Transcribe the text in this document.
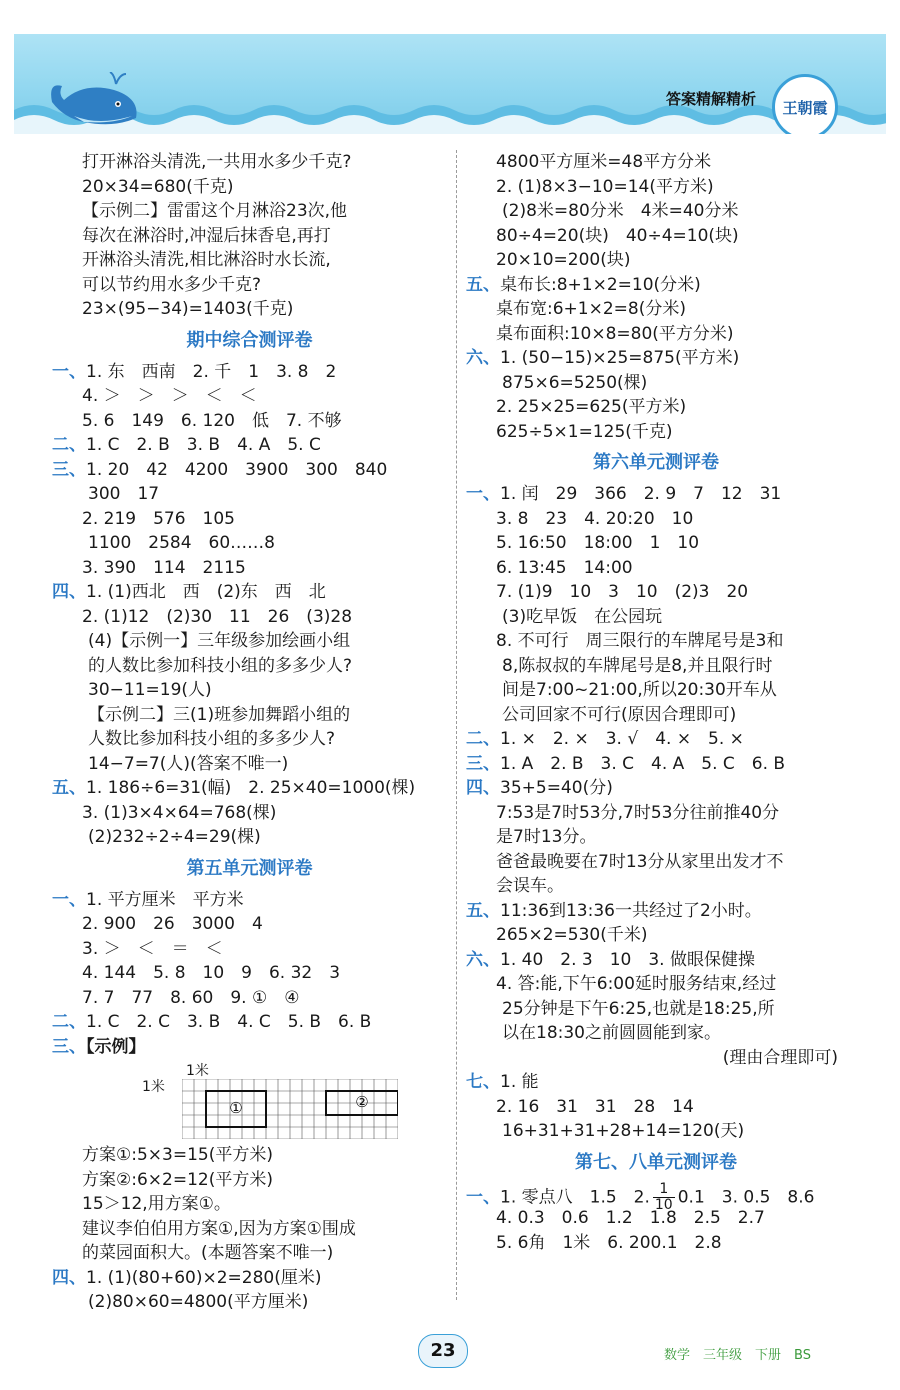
答案精解精析 王朝霞
打开淋浴头清洗,一共用水多少千克?
20×34=680(千克)
【示例二】雷雷这个月淋浴23次,他
每次在淋浴时,冲湿后抹香皂,再打
开淋浴头清洗,相比淋浴时水长流,
可以节约用水多少千克?
23×(95−34)=1403(千克)
期中综合测评卷
一、1. 东　西南　2. 千　1　3. 8　2
4. ＞　＞　＞　＜　＜
5. 6　149　6. 120　低　7. 不够
二、1. C　2. B　3. B　4. A　5. C
三、1. 20　42　4200　3900　300　840
300　17
2. 219　576　105
1100　2584　60……8
3. 390　114　2115
四、1. (1)西北　西　(2)东　西　北
2. (1)12　(2)30　11　26　(3)28
(4)【示例一】三年级参加绘画小组
的人数比参加科技小组的多多少人?
30−11=19(人)
【示例二】三(1)班参加舞蹈小组的
人数比参加科技小组的多多少人?
14−7=7(人)(答案不唯一)
五、1. 186÷6=31(幅)　2. 25×40=1000(棵)
3. (1)3×4×64=768(棵)
(2)232÷2÷4=29(棵)
第五单元测评卷
一、1. 平方厘米　平方米
2. 900　26　3000　4
3. ＞　＜　＝　＜
4. 144　5. 8　10　9　6. 32　3
7. 7　77　8. 60　9. ①　④
二、1. C　2. C　3. B　4. C　5. B　6. B
三、【示例】
1米
1米
①	②
方案①:5×3=15(平方米)
方案②:6×2=12(平方米)
15＞12,用方案①。
建议李伯伯用方案①,因为方案①围成
的菜园面积大。(本题答案不唯一)
四、1. (1)(80+60)×2=280(厘米)
(2)80×60=4800(平方厘米)
4800平方厘米=48平方分米
2. (1)8×3−10=14(平方米)
(2)8米=80分米　4米=40分米
80÷4=20(块)　40÷4=10(块)
20×10=200(块)
五、桌布长:8+1×2=10(分米)
桌布宽:6+1×2=8(分米)
桌布面积:10×8=80(平方分米)
六、1. (50−15)×25=875(平方米)
875×6=5250(棵)
2. 25×25=625(平方米)
625÷5×1=125(千克)
第六单元测评卷
一、1. 闰　29　366　2. 9　7　12　31
3. 8　23　4. 20:20　10
5. 16:50　18:00　1　10
6. 13:45　14:00
7. (1)9　10　3　10　(2)3　20
(3)吃早饭　在公园玩
8. 不可行　周三限行的车牌尾号是3和
8,陈叔叔的车牌尾号是8,并且限行时
间是7:00~21:00,所以20:30开车从
公司回家不可行(原因合理即可)
二、1. ×　2. ×　3. √　4. ×　5. ×
三、1. A　2. B　3. C　4. A　5. C　6. B
四、35+5=40(分)
7:53是7时53分,7时53分往前推40分
是7时13分。
爸爸最晚要在7时13分从家里出发才不
会误车。
五、11:36到13:36一共经过了2小时。
265×2=530(千米)
六、1. 40　2. 3　10　3. 做眼保健操
4. 答:能,下午6:00延时服务结束,经过
25分钟是下午6:25,也就是18:25,所
以在18:30之前圆圆能到家。
(理由合理即可)
七、1. 能
2. 16　31　31　28　14
16+31+31+28+14=120(天)
第七、八单元测评卷
一、1. 零点八　1.5　2. $\frac{1}{10} 0.1$　3. 0.5　8.6
4. 0.3　0.6　1.2　1.8　2.5　2.7
5. 6角　1米　6. 200.1　2.8
23	数学　三年级　下册　BS
